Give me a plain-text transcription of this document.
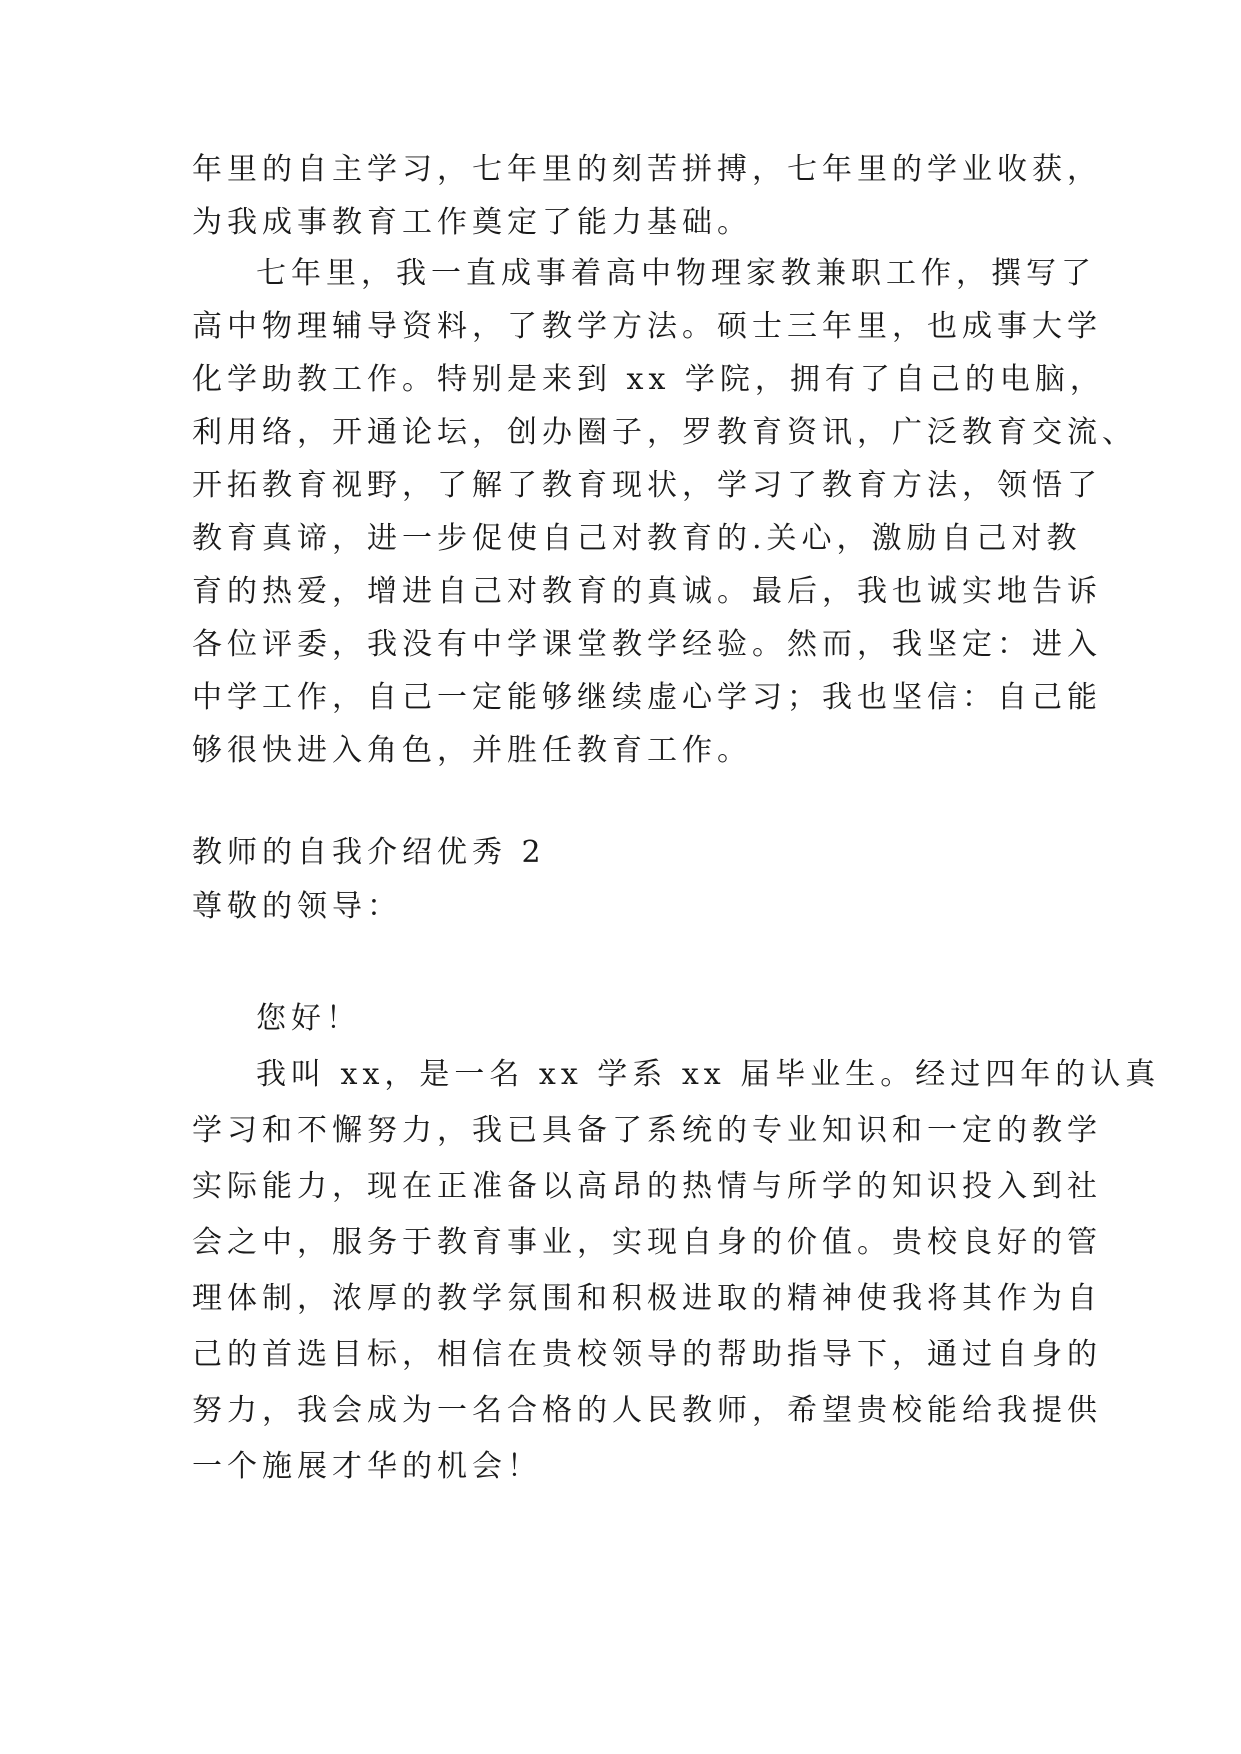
年里的自主学习，七年里的刻苦拼搏，七年里的学业收获，
为我成事教育工作奠定了能力基础。
七年里，我一直成事着高中物理家教兼职工作，撰写了
高中物理辅导资料，了教学方法。硕士三年里，也成事大学
化学助教工作。特别是来到 xx 学院，拥有了自己的电脑，
利用络，开通论坛，创办圈子，罗教育资讯，广泛教育交流、
开拓教育视野，了解了教育现状，学习了教育方法，领悟了
教育真谛，进一步促使自己对教育的.关心，激励自己对教
育的热爱，增进自己对教育的真诚。最后，我也诚实地告诉
各位评委，我没有中学课堂教学经验。然而，我坚定：进入
中学工作，自己一定能够继续虚心学习；我也坚信：自己能
够很快进入角色，并胜任教育工作。
教师的自我介绍优秀 2
尊敬的领导：
您好！
我叫 xx，是一名 xx 学系 xx 届毕业生。经过四年的认真
学习和不懈努力，我已具备了系统的专业知识和一定的教学
实际能力，现在正准备以高昂的热情与所学的知识投入到社
会之中，服务于教育事业，实现自身的价值。贵校良好的管
理体制，浓厚的教学氛围和积极进取的精神使我将其作为自
己的首选目标，相信在贵校领导的帮助指导下，通过自身的
努力，我会成为一名合格的人民教师，希望贵校能给我提供
一个施展才华的机会！
